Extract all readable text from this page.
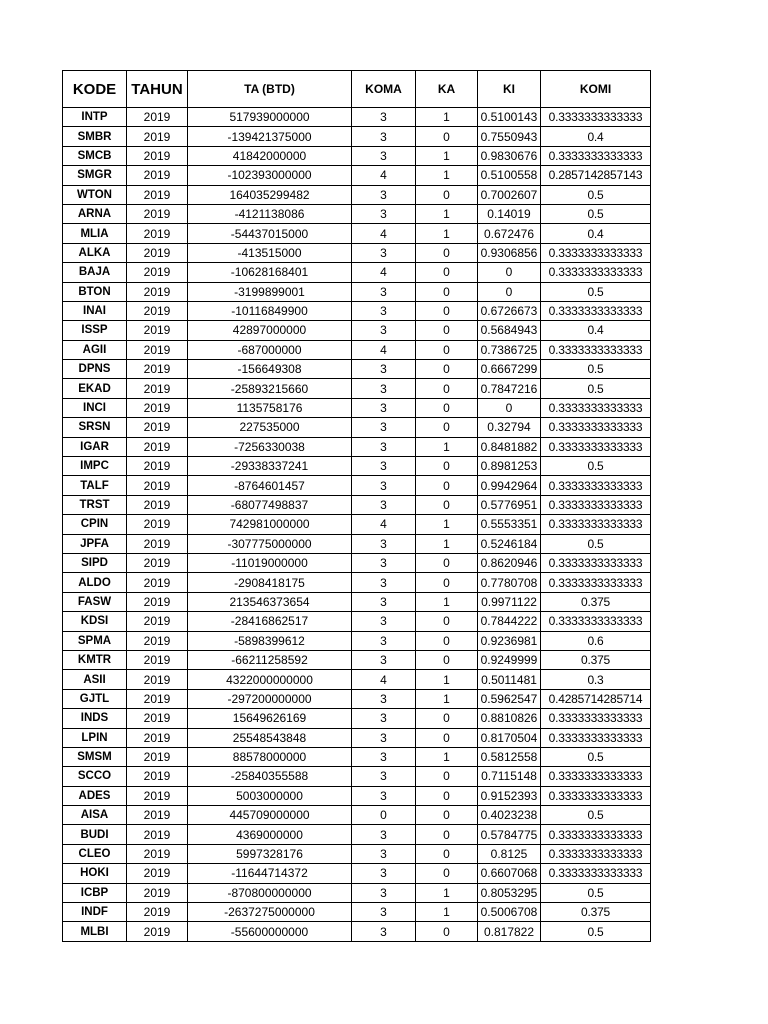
KODE	TAHUN	TA (BTD)	KOMA	KA	KI	KOMI
INTP	2019	517939000000	3	1	0.5100143	0.3333333333333
SMBR	2019	-139421375000	3	0	0.7550943	0.4
SMCB	2019	41842000000	3	1	0.9830676	0.3333333333333
SMGR	2019	-102393000000	4	1	0.5100558	0.2857142857143
WTON	2019	164035299482	3	0	0.7002607	0.5
ARNA	2019	-4121138086	3	1	0.14019	0.5
MLIA	2019	-54437015000	4	1	0.672476	0.4
ALKA	2019	-413515000	3	0	0.9306856	0.3333333333333
BAJA	2019	-10628168401	4	0	0	0.3333333333333
BTON	2019	-3199899001	3	0	0	0.5
INAI	2019	-10116849900	3	0	0.6726673	0.3333333333333
ISSP	2019	42897000000	3	0	0.5684943	0.4
AGII	2019	-687000000	4	0	0.7386725	0.3333333333333
DPNS	2019	-156649308	3	0	0.6667299	0.5
EKAD	2019	-25893215660	3	0	0.7847216	0.5
INCI	2019	1135758176	3	0	0	0.3333333333333
SRSN	2019	227535000	3	0	0.32794	0.3333333333333
IGAR	2019	-7256330038	3	1	0.8481882	0.3333333333333
IMPC	2019	-29338337241	3	0	0.8981253	0.5
TALF	2019	-8764601457	3	0	0.9942964	0.3333333333333
TRST	2019	-68077498837	3	0	0.5776951	0.3333333333333
CPIN	2019	742981000000	4	1	0.5553351	0.3333333333333
JPFA	2019	-307775000000	3	1	0.5246184	0.5
SIPD	2019	-11019000000	3	0	0.8620946	0.3333333333333
ALDO	2019	-2908418175	3	0	0.7780708	0.3333333333333
FASW	2019	213546373654	3	1	0.9971122	0.375
KDSI	2019	-28416862517	3	0	0.7844222	0.3333333333333
SPMA	2019	-5898399612	3	0	0.9236981	0.6
KMTR	2019	-66211258592	3	0	0.9249999	0.375
ASII	2019	4322000000000	4	1	0.5011481	0.3
GJTL	2019	-297200000000	3	1	0.5962547	0.4285714285714
INDS	2019	15649626169	3	0	0.8810826	0.3333333333333
LPIN	2019	25548543848	3	0	0.8170504	0.3333333333333
SMSM	2019	88578000000	3	1	0.5812558	0.5
SCCO	2019	-25840355588	3	0	0.7115148	0.3333333333333
ADES	2019	5003000000	3	0	0.9152393	0.3333333333333
AISA	2019	445709000000	0	0	0.4023238	0.5
BUDI	2019	4369000000	3	0	0.5784775	0.3333333333333
CLEO	2019	5997328176	3	0	0.8125	0.3333333333333
HOKI	2019	-11644714372	3	0	0.6607068	0.3333333333333
ICBP	2019	-870800000000	3	1	0.8053295	0.5
INDF	2019	-2637275000000	3	1	0.5006708	0.375
MLBI	2019	-55600000000	3	0	0.817822	0.5
